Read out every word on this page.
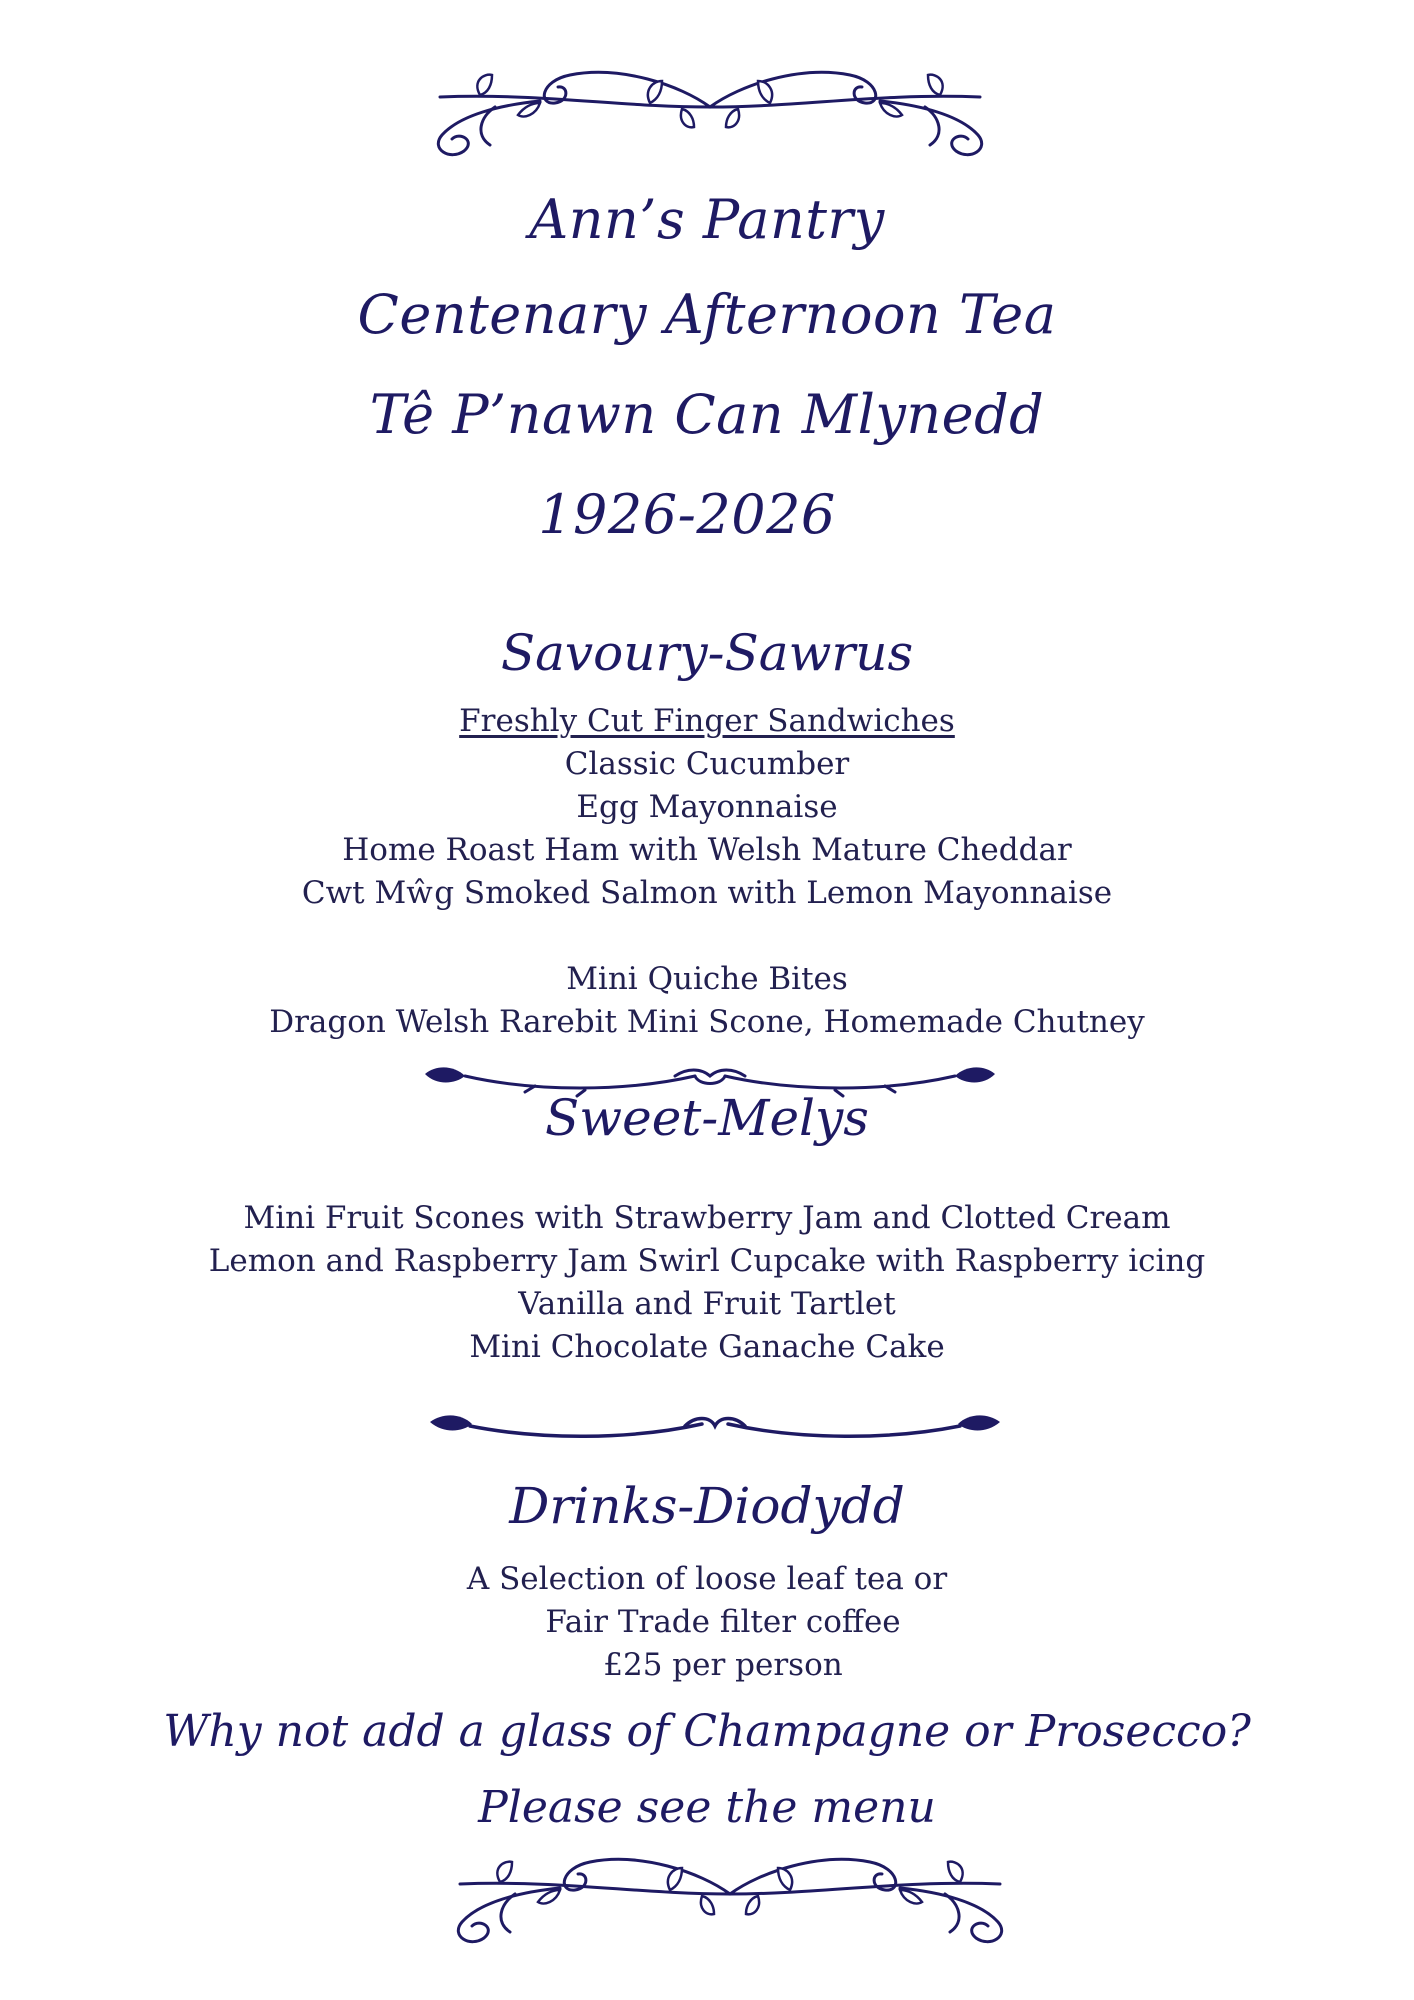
Ann’s Pantry
Centenary Afternoon Tea
Tê P’nawn Can Mlynedd
1926-2026
Savoury-Sawrus
Freshly Cut Finger Sandwiches
Classic Cucumber
Egg Mayonnaise
Home Roast Ham with Welsh Mature Cheddar
Cwt Mŵg Smoked Salmon with Lemon Mayonnaise
Mini Quiche Bites
Dragon Welsh Rarebit Mini Scone, Homemade Chutney
Sweet-Melys
Mini Fruit Scones with Strawberry Jam and Clotted Cream
Lemon and Raspberry Jam Swirl Cupcake with Raspberry icing
Vanilla and Fruit Tartlet
Mini Chocolate Ganache Cake
Drinks-Diodydd
A Selection of loose leaf tea or
Fair Trade filter coffee
£25 per person
Why not add a glass of Champagne or Prosecco?
Please see the menu
